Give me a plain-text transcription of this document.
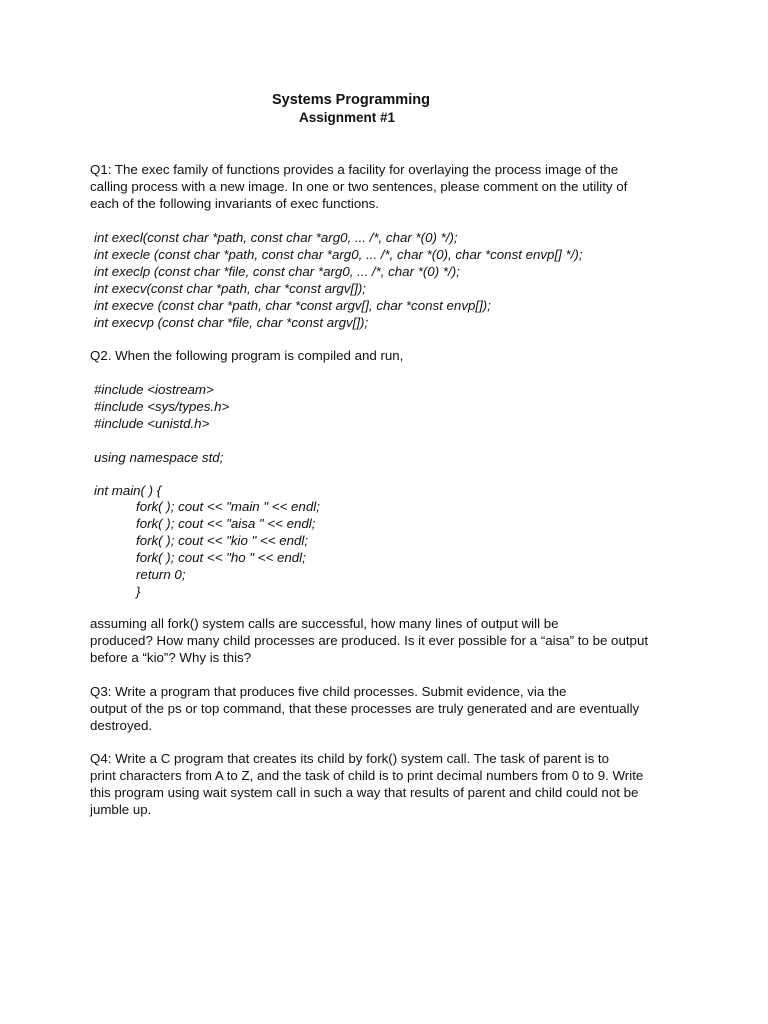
Systems Programming
Assignment #1
Q1: The exec family of functions provides a facility for overlaying the process image of the
calling process with a new image. In one or two sentences, please comment on the utility of
each of the following invariants of exec functions.
int execl(const char *path, const char *arg0, ... /*, char *(0) */);
int execle (const char *path, const char *arg0, ... /*, char *(0), char *const envp[] */);
int execlp (const char *file, const char *arg0, ... /*, char *(0) */);
int execv(const char *path, char *const argv[]);
int execve (const char *path, char *const argv[], char *const envp[]);
int execvp (const char *file, char *const argv[]);
Q2. When the following program is compiled and run,
#include <iostream>
#include <sys/types.h>
#include <unistd.h>
using namespace std;
int main( ) {
fork( ); cout << "main " << endl;
fork( ); cout << "aisa " << endl;
fork( ); cout << "kio " << endl;
fork( ); cout << "ho " << endl;
return 0;
}
assuming all fork() system calls are successful, how many lines of output will be
produced? How many child processes are produced. Is it ever possible for a “aisa” to be output
before a “kio”? Why is this?
Q3: Write a program that produces five child processes. Submit evidence, via the
output of the ps or top command, that these processes are truly generated and are eventually
destroyed.
Q4: Write a C program that creates its child by fork() system call. The task of parent is to
print characters from A to Z, and the task of child is to print decimal numbers from 0 to 9. Write
this program using wait system call in such a way that results of parent and child could not be
jumble up.
